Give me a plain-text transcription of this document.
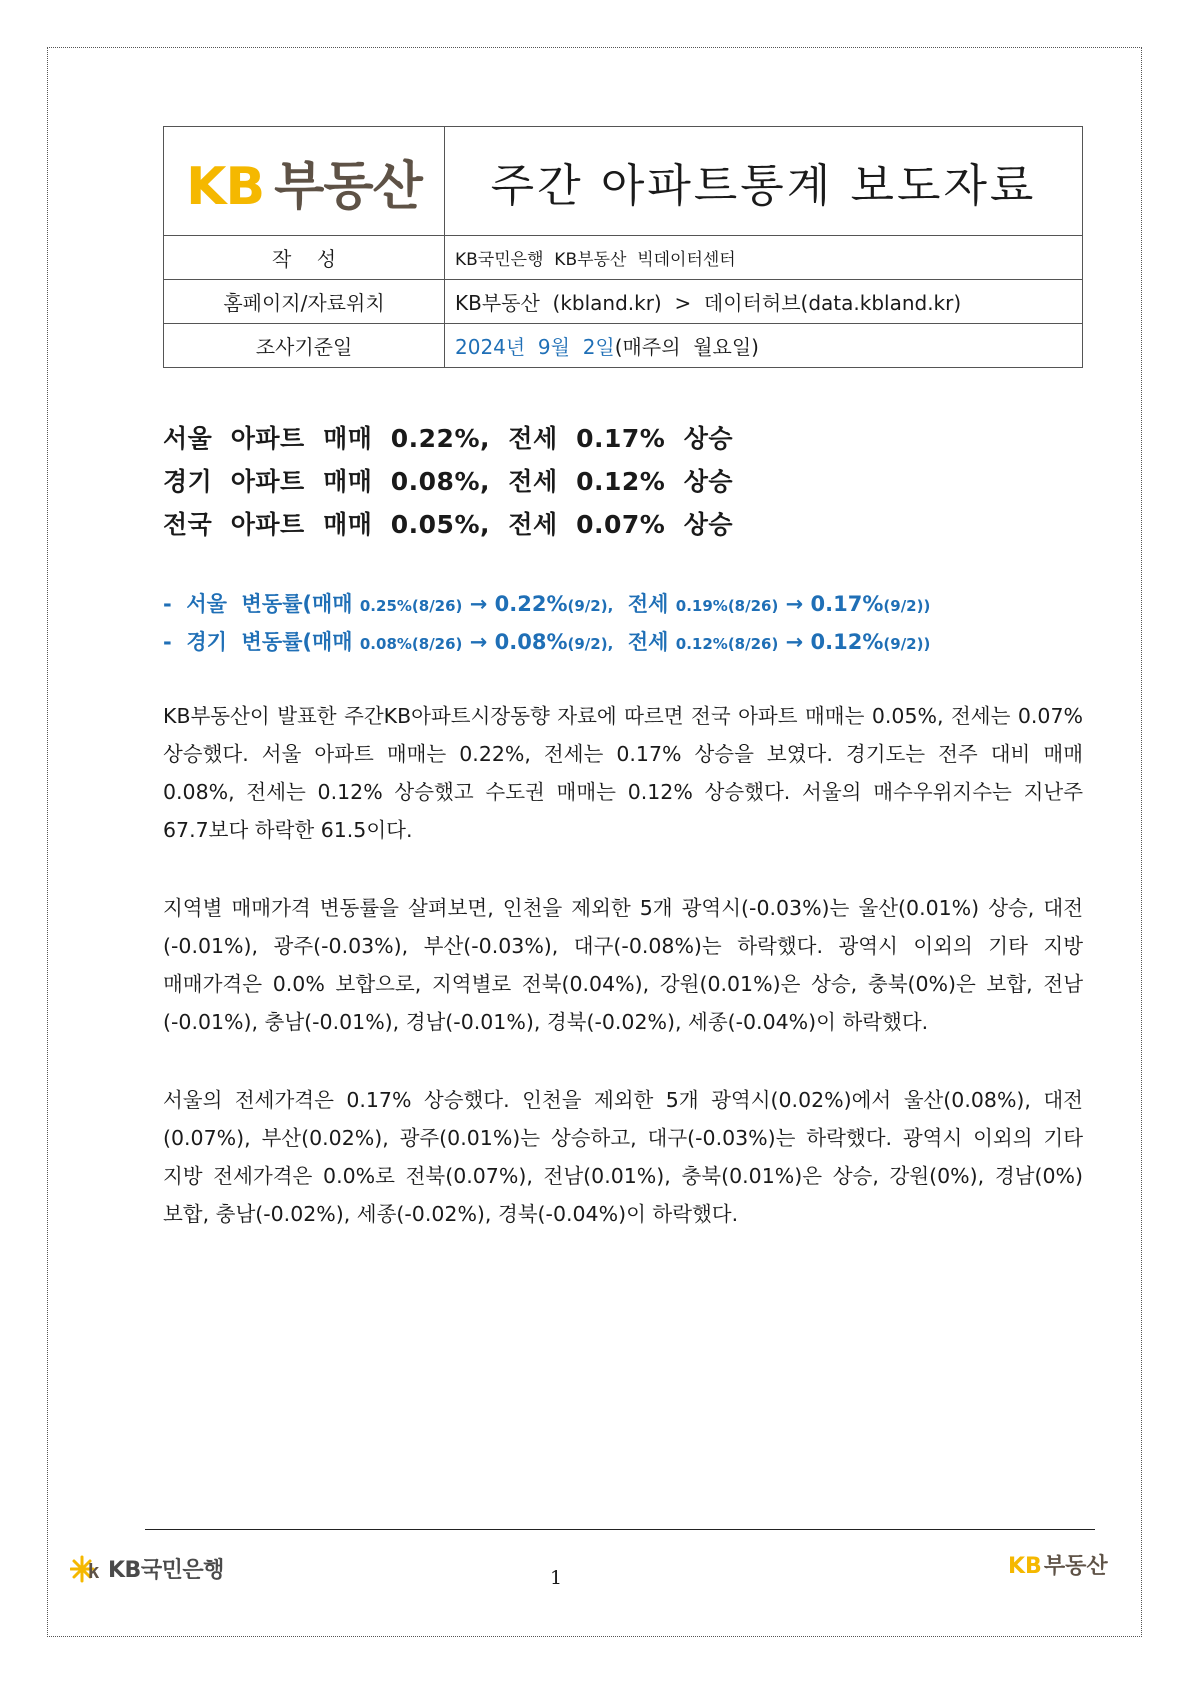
KB 부동산	주간 아파트통계 보도자료
작    성	KB국민은행  KB부동산  빅데이터센터
홈페이지/자료위치	KB부동산  (kbland.kr)  >  데이터허브(data.kbland.kr)
조사기준일	2024년  9월  2일(매주의  월요일)
서울  아파트  매매  0.22%,  전세  0.17%  상승
경기  아파트  매매  0.08%,  전세  0.12%  상승
전국  아파트  매매  0.05%,  전세  0.07%  상승
-  서울  변동률(매매 0.25%(8/26) → 0.22%(9/2),  전세 0.19%(8/26) → 0.17%(9/2))
-  경기  변동률(매매 0.08%(8/26) → 0.08%(9/2),  전세 0.12%(8/26) → 0.12%(9/2))
KB부동산이 발표한 주간KB아파트시장동향 자료에 따르면 전국 아파트 매매는 0.05%, 전세는 0.07% 상승했다. 서울 아파트 매매는 0.22%, 전세는 0.17% 상승을 보였다. 경기도는 전주 대비 매매 0.08%, 전세는 0.12% 상승했고 수도권 매매는 0.12% 상승했다. 서울의 매수우위지수는 지난주 67.7보다 하락한 61.5이다.
지역별 매매가격 변동률을 살펴보면, 인천을 제외한 5개 광역시(-0.03%)는 울산(0.01%) 상승, 대전(-0.01%), 광주(-0.03%), 부산(-0.03%), 대구(-0.08%)는 하락했다. 광역시 이외의 기타 지방 매매가격은 0.0% 보합으로, 지역별로 전북(0.04%), 강원(0.01%)은 상승, 충북(0%)은 보합, 전남(-0.01%), 충남(-0.01%), 경남(-0.01%), 경북(-0.02%), 세종(-0.04%)이 하락했다.
서울의 전세가격은 0.17% 상승했다. 인천을 제외한 5개 광역시(0.02%)에서 울산(0.08%), 대전(0.07%), 부산(0.02%), 광주(0.01%)는 상승하고, 대구(-0.03%)는 하락했다. 광역시 이외의 기타 지방 전세가격은 0.0%로 전북(0.07%), 전남(0.01%), 충북(0.01%)은 상승, 강원(0%), 경남(0%) 보합, 충남(-0.02%), 세종(-0.02%), 경북(-0.04%)이 하락했다.
k KB국민은행	1	KB부동산
